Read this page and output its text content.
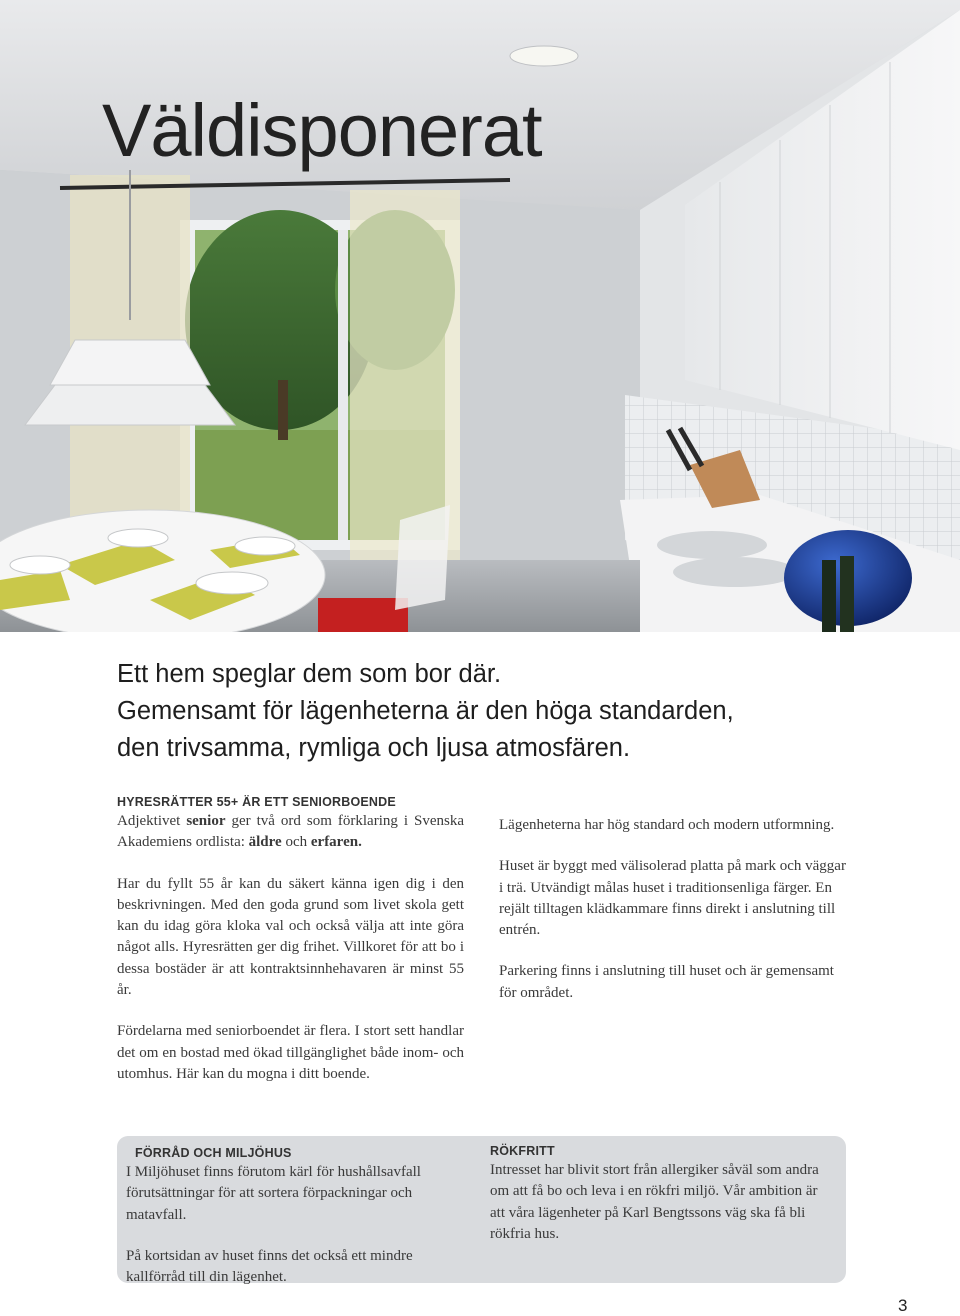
Väldisponerat
Ett hem speglar dem som bor där.
Gemensamt för lägenheterna är den höga standarden,
den trivsamma, rymliga och ljusa atmosfären.
HYRESRÄTTER 55+ ÄR ETT SENIORBOENDE

Adjektivet senior ger två ord som förklaring i Svenska Akademiens ordlista: äldre och erfaren.

Har du fyllt 55 år kan du säkert känna igen dig i den beskrivningen. Med den goda grund som livet skola gett kan du idag göra kloka val och också välja att inte göra något alls. Hyresrätten ger dig frihet. Villkoret för att bo i dessa bostäder är att kontraktsinnhehavaren är minst 55 år.

Fördelarna med seniorboendet är flera. I stort sett handlar det om en bostad med ökad tillgänglighet både inom- och utomhus. Här kan du mogna i ditt boende.

Lägenheterna har hög standard och modern utformning.

Huset är byggt med välisolerad platta på mark och väggar i trä. Utvändigt målas huset i traditionsenliga färger. En rejält tilltagen klädkammare finns direkt i anslutning till entrén.

Parkering finns i anslutning till huset och är gemensamt för området.

FÖRRÅD OCH MILJÖHUS

I Miljöhuset finns förutom kärl för hushållsavfall förutsättningar för att sortera förpackningar och matavfall.

På kortsidan av huset finns det också ett mindre kallförråd till din lägenhet.

RÖKFRITT

Intresset har blivit stort från allergiker såväl som andra om att få bo och leva i en rökfri miljö. Vår ambition är att våra lägenheter på Karl Bengtssons väg ska få bli rökfria hus.

3
